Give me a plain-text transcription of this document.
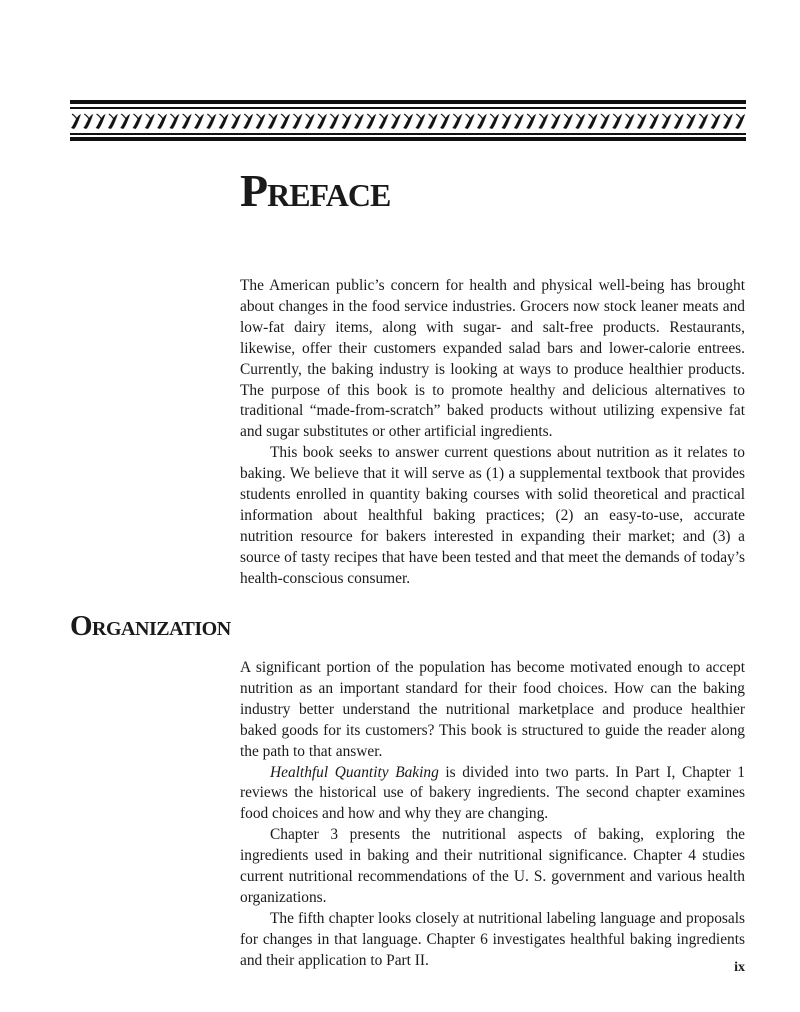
Preface

The American public’s concern for health and physical well-being has brought about changes in the food service industries. Grocers now stock leaner meats and low-fat dairy items, along with sugar- and salt-free products. Restaurants, likewise, offer their customers expanded salad bars and lower-calorie entrees. Currently, the baking industry is looking at ways to produce healthier products. The purpose of this book is to promote healthy and delicious alternatives to traditional “made-from-scratch” baked products without utilizing expensive fat and sugar substitutes or other artificial ingredients.

This book seeks to answer current questions about nutrition as it relates to baking. We believe that it will serve as (1) a supplemental textbook that provides students enrolled in quantity baking courses with solid theoretical and practical information about healthful baking practices; (2) an easy-to-use, accurate nutrition resource for bakers interested in expanding their market; and (3) a source of tasty recipes that have been tested and that meet the demands of today’s health-conscious consumer.

Organization

A significant portion of the population has become motivated enough to accept nutrition as an important standard for their food choices. How can the baking industry better understand the nutritional marketplace and produce healthier baked goods for its customers? This book is structured to guide the reader along the path to that answer.

Healthful Quantity Baking is divided into two parts. In Part I, Chapter 1 reviews the historical use of bakery ingredients. The second chapter examines food choices and how and why they are changing.

Chapter 3 presents the nutritional aspects of baking, exploring the ingredients used in baking and their nutritional significance. Chapter 4 studies current nutritional recommendations of the U. S. government and various health organizations.

The fifth chapter looks closely at nutritional labeling language and proposals for changes in that language. Chapter 6 investigates healthful baking ingredients and their application to Part II.	ix
